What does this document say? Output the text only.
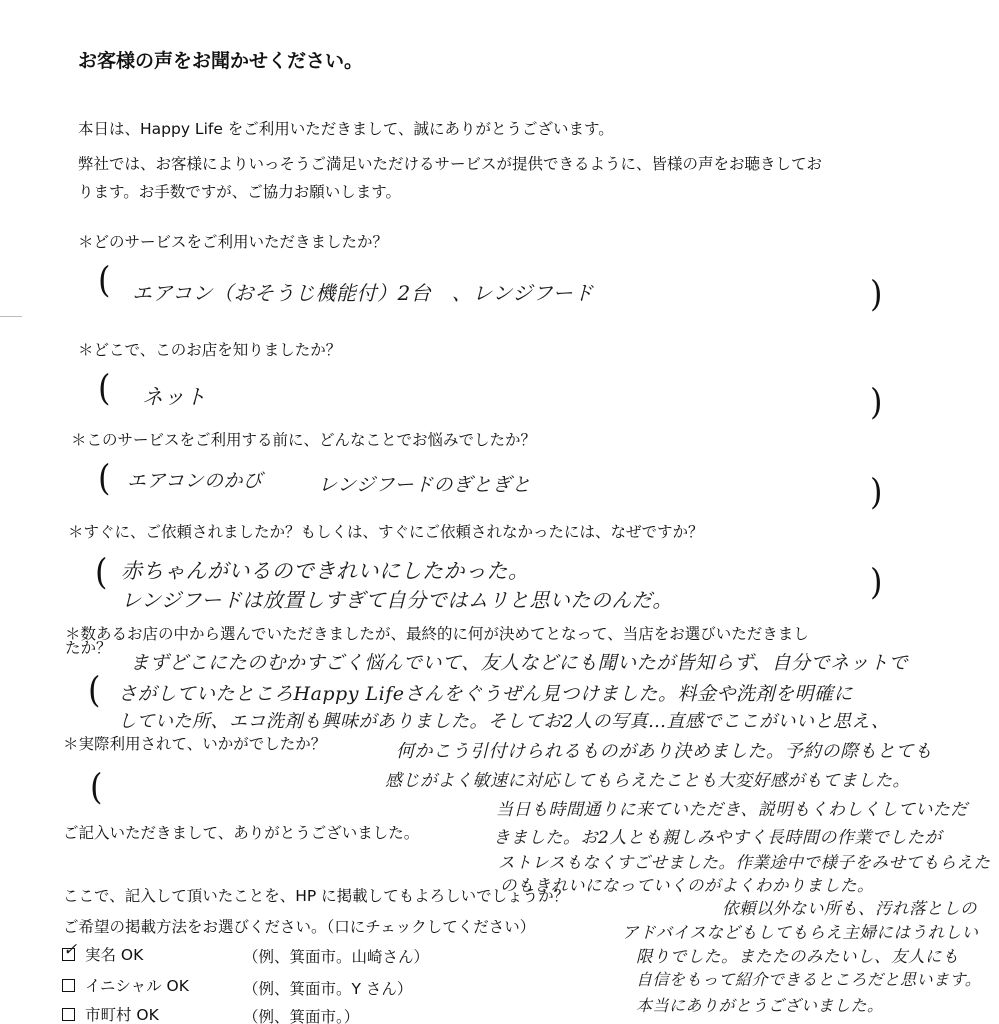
お客様の声をお聞かせください。
本日は、Happy Life をご利用いただきまして、誠にありがとうございます。
弊社では、お客様によりいっそうご満足いただけるサービスが提供できるように、皆様の声をお聴きしてお
ります。お手数ですが、ご協力お願いします。
＊どのサービスをご利用いただきましたか？
( エアコン（おそうじ機能付）2台　、レンジフード	)
＊どこで、このお店を知りましたか？
( ネット	)
＊このサービスをご利用する前に、どんなことでお悩みでしたか？
( エアコンのかび	レンジフードのぎとぎと	)
＊すぐに、ご依頼されましたか？もしくは、すぐにご依頼されなかったには、なぜですか？
( 赤ちゃんがいるのできれいにしたかった。
レンジフードは放置しすぎて自分ではムリと思いたのんだ。	)
＊数あるお店の中から選んでいただきましたが、最終的に何が決めてとなって、当店をお選びいただきまし
たか？
まずどこにたのむかすごく悩んでいて、友人などにも聞いたが皆知らず、自分でネットで
( さがしていたところHappy Lifeさんをぐうぜん見つけました。料金や洗剤を明確に
していた所、エコ洗剤も興味がありました。そしてお2人の写真…直感でここがいいと思え、
何かこう引付けられるものがあり決めました。予約の際もとても
感じがよく敏速に対応してもらえたことも大変好感がもてました。
＊実際利用されて、いかがでしたか？
(
当日も時間通りに来ていただき、説明もくわしくしていただ
きました。お2人とも親しみやすく長時間の作業でしたが
ストレスもなくすごせました。作業途中で様子をみせてもらえた
のもきれいになっていくのがよくわかりました。
依頼以外ない所も、汚れ落としの
アドバイスなどもしてもらえ主婦にはうれしい
限りでした。またたのみたいし、友人にも
自信をもって紹介できるところだと思います。
本当にありがとうございました。
ご記入いただきまして、ありがとうございました。
ここで、記入して頂いたことを、HP に掲載してもよろしいでしょうか？
ご希望の掲載方法をお選びください。（口にチェックしてください）
✓ 実名 OK	（例、箕面市。山崎さん）
イニシャル OK	（例、箕面市。Y さん）
市町村 OK	（例、箕面市。）
